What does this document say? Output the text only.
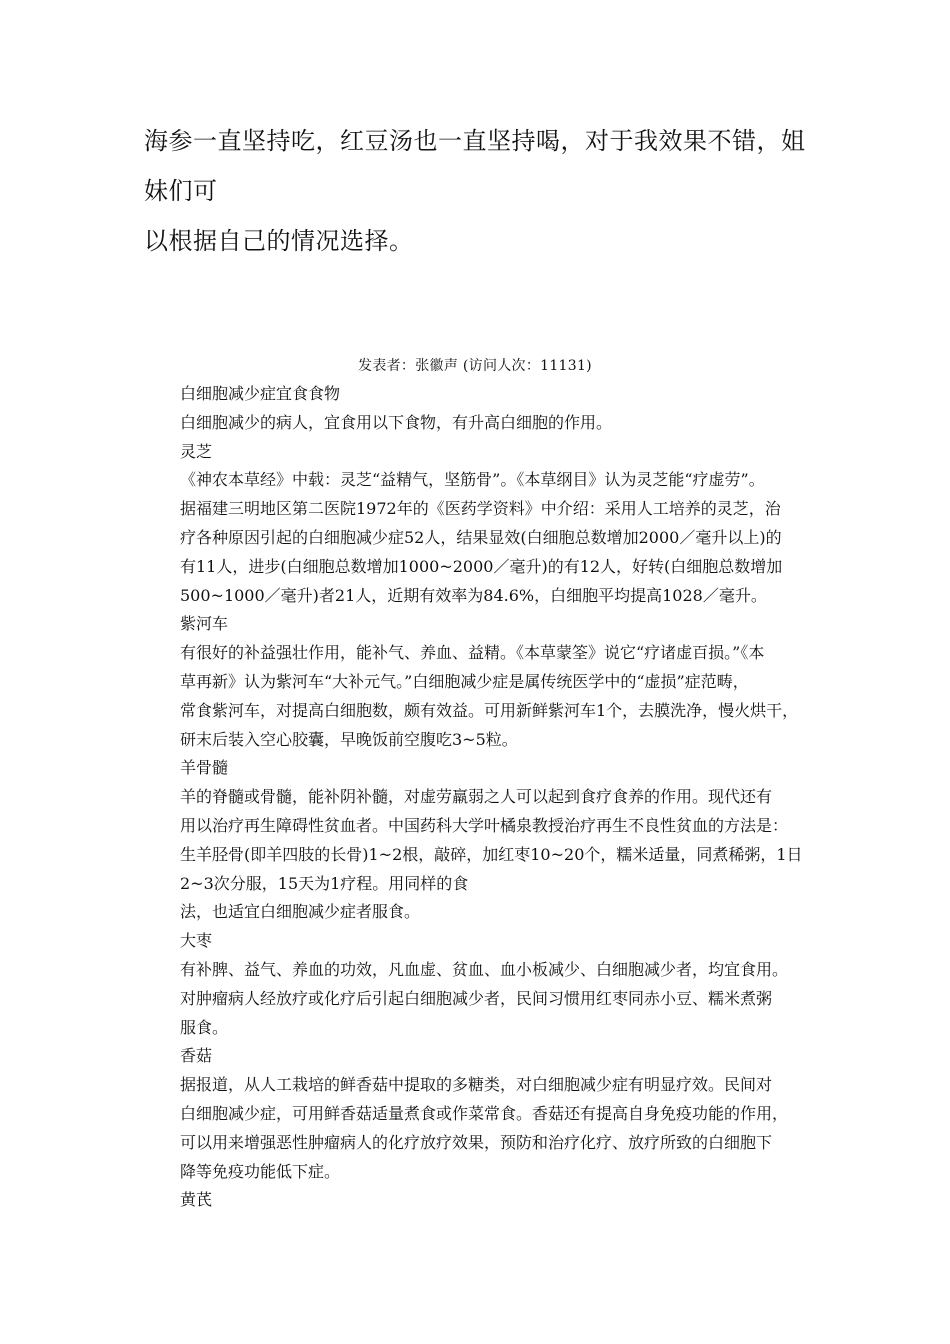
海参一直坚持吃，红豆汤也一直坚持喝，对于我效果不错，姐妹们可

以根据自己的情况选择。

发表者：张徽声 (访问人次：11131)

白细胞减少症宜食食物

白细胞减少的病人，宜食用以下食物，有升高白细胞的作用。

灵芝

《神农本草经》中载：灵芝“益精气，坚筋骨”。《本草纲目》认为灵芝能“疗虚劳”。

据福建三明地区第二医院1972年的《医药学资料》中介绍：采用人工培养的灵芝，治

疗各种原因引起的白细胞减少症52人，结果显效(白细胞总数增加2000／毫升以上)的

有11人，进步(白细胞总数增加1000~2000／毫升)的有12人，好转(白细胞总数增加

500~1000／毫升)者21人，近期有效率为84.6%，白细胞平均提高1028／毫升。

紫河车

有很好的补益强壮作用，能补气、养血、益精。《本草蒙筌》说它“疗诸虚百损。”《本

草再新》认为紫河车“大补元气。”白细胞减少症是属传统医学中的“虚损”症范畴，

常食紫河车，对提高白细胞数，颇有效益。可用新鲜紫河车1个，去膜洗净，慢火烘干，

研末后装入空心胶囊，早晚饭前空腹吃3~5粒。

羊骨髓

羊的脊髓或骨髓，能补阴补髓，对虚劳羸弱之人可以起到食疗食养的作用。现代还有

用以治疗再生障碍性贫血者。中国药科大学叶橘泉教授治疗再生不良性贫血的方法是：

生羊胫骨(即羊四肢的长骨)1~2根，敲碎，加红枣10~20个，糯米适量，同煮稀粥，1日

2~3次分服，15天为1疗程。用同样的食

法，也适宜白细胞减少症者服食。

大枣

有补脾、益气、养血的功效，凡血虚、贫血、血小板减少、白细胞减少者，均宜食用。

对肿瘤病人经放疗或化疗后引起白细胞减少者，民间习惯用红枣同赤小豆、糯米煮粥

服食。

香菇

据报道，从人工栽培的鲜香菇中提取的多糖类，对白细胞减少症有明显疗效。民间对

白细胞减少症，可用鲜香菇适量煮食或作菜常食。香菇还有提高自身免疫功能的作用，

可以用来增强恶性肿瘤病人的化疗放疗效果，预防和治疗化疗、放疗所致的白细胞下

降等免疫功能低下症。

黄芪
